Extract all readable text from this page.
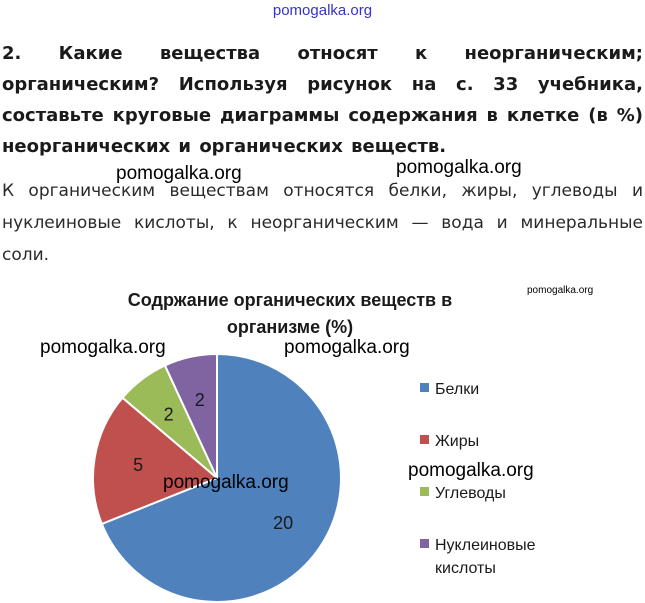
pomogalka.org
2. Какие вещества относят к неорганическим; органическим? Используя рисунок на с. 33 учебника, составьте круговые диаграммы содержания в клетке (в %) неорганических и органических веществ.
pomogalka.org	pomogalka.org
К органическим веществам относятся белки, жиры, углеводы и нуклеиновые кислоты, к неорганическим — вода и минеральные соли.
pomogalka.org
Содржание органических веществ в организме (%)
20
5
2
2
Белки
Жиры
Углеводы
Нуклеиновые кислоты
pomogalka.org	pomogalka.org
pomogalka.org
pomogalka.org
